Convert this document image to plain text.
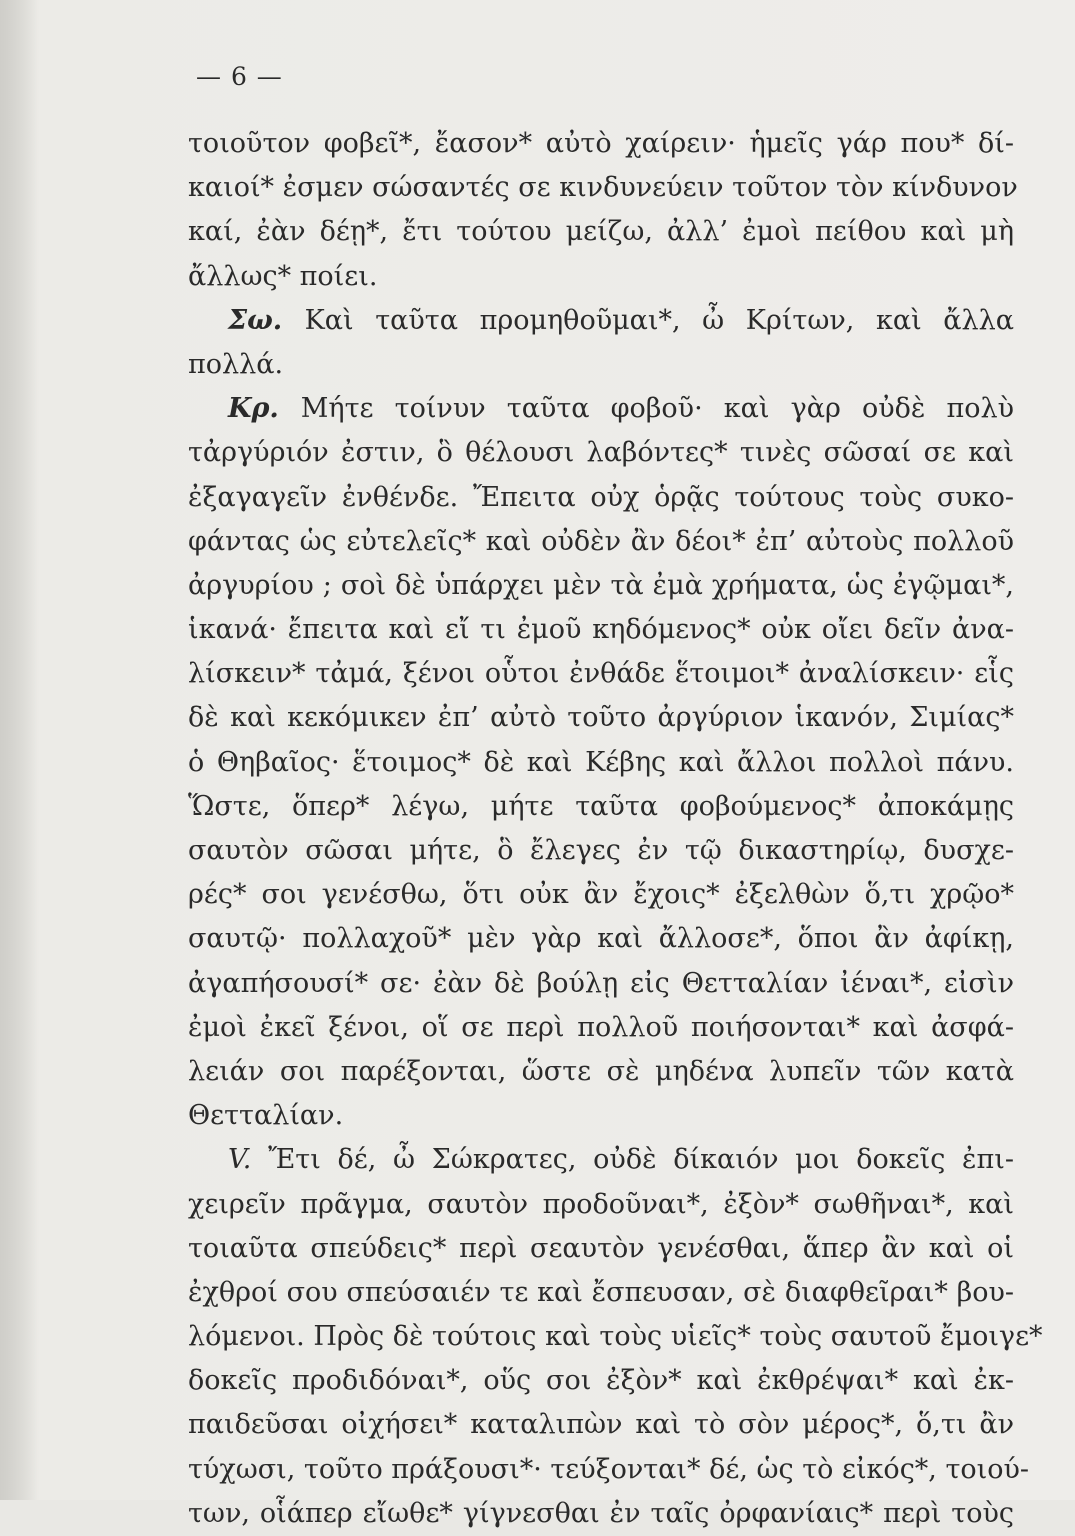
— 6 —
τοιοῦτον φοβεῖ*, ἔασον* αὐτὸ χαίρειν· ἡμεῖς γάρ που* δί-
καιοί* ἐσμεν σώσαντές σε κινδυνεύειν τοῦτον τὸν κίνδυνον
καί, ἐὰν δέῃ*, ἔτι τούτου μείζω, ἀλλ’ ἐμοὶ πείθου καὶ μὴ
ἄλλως* ποίει.
Σω. Καὶ ταῦτα προμηθοῦμαι*, ὦ Κρίτων, καὶ ἄλλα
πολλά.
Κρ. Μήτε τοίνυν ταῦτα φοβοῦ· καὶ γὰρ οὐδὲ πολὺ
τἀργύριόν ἐστιν, ὃ θέλουσι λαβόντες* τινὲς σῶσαί σε καὶ
ἐξαγαγεῖν ἐνθένδε. Ἔπειτα οὐχ ὁρᾷς τούτους τοὺς συκο-
φάντας ὡς εὐτελεῖς* καὶ οὐδὲν ἂν δέοι* ἐπ’ αὐτοὺς πολλοῦ
ἀργυρίου ; σοὶ δὲ ὑπάρχει μὲν τὰ ἐμὰ χρήματα, ὡς ἐγῷμαι*,
ἱκανά· ἔπειτα καὶ εἴ τι ἐμοῦ κηδόμενος* οὐκ οἴει δεῖν ἀνα-
λίσκειν* τἀμά, ξένοι οὗτοι ἐνθάδε ἕτοιμοι* ἀναλίσκειν· εἷς
δὲ καὶ κεκόμικεν ἐπ’ αὐτὸ τοῦτο ἀργύριον ἱκανόν, Σιμίας*
ὁ Θηβαῖος· ἕτοιμος* δὲ καὶ Κέβης καὶ ἄλλοι πολλοὶ πάνυ.
Ὥστε, ὅπερ* λέγω, μήτε ταῦτα φοβούμενος* ἀποκάμῃς
σαυτὸν σῶσαι μήτε, ὃ ἔλεγες ἐν τῷ δικαστηρίῳ, δυσχε-
ρές* σοι γενέσθω, ὅτι οὐκ ἂν ἔχοις* ἐξελθὼν ὅ,τι χρῷο*
σαυτῷ· πολλαχοῦ* μὲν γὰρ καὶ ἄλλοσε*, ὅποι ἂν ἀφίκῃ,
ἀγαπήσουσί* σε· ἐὰν δὲ βούλῃ εἰς Θετταλίαν ἰέναι*, εἰσὶν
ἐμοὶ ἐκεῖ ξένοι, οἵ σε περὶ πολλοῦ ποιήσονται* καὶ ἀσφά-
λειάν σοι παρέξονται, ὥστε σὲ μηδένα λυπεῖν τῶν κατὰ
Θετταλίαν.
V. Ἔτι δέ, ὦ Σώκρατες, οὐδὲ δίκαιόν μοι δοκεῖς ἐπι-
χειρεῖν πρᾶγμα, σαυτὸν προδοῦναι*, ἐξὸν* σωθῆναι*, καὶ
τοιαῦτα σπεύδεις* περὶ σεαυτὸν γενέσθαι, ἅπερ ἂν καὶ οἱ
ἐχθροί σου σπεύσαιέν τε καὶ ἔσπευσαν, σὲ διαφθεῖραι* βου-
λόμενοι. Πρὸς δὲ τούτοις καὶ τοὺς υἱεῖς* τοὺς σαυτοῦ ἔμοιγε*
δοκεῖς προδιδόναι*, οὕς σοι ἐξὸν* καὶ ἐκθρέψαι* καὶ ἐκ-
παιδεῦσαι οἰχήσει* καταλιπὼν καὶ τὸ σὸν μέρος*, ὅ,τι ἂν
τύχωσι, τοῦτο πράξουσι*· τεύξονται* δέ, ὡς τὸ εἰκός*, τοιού-
των, οἷάπερ εἴωθε* γίγνεσθαι ἐν ταῖς ὀρφανίαις* περὶ τοὺς
